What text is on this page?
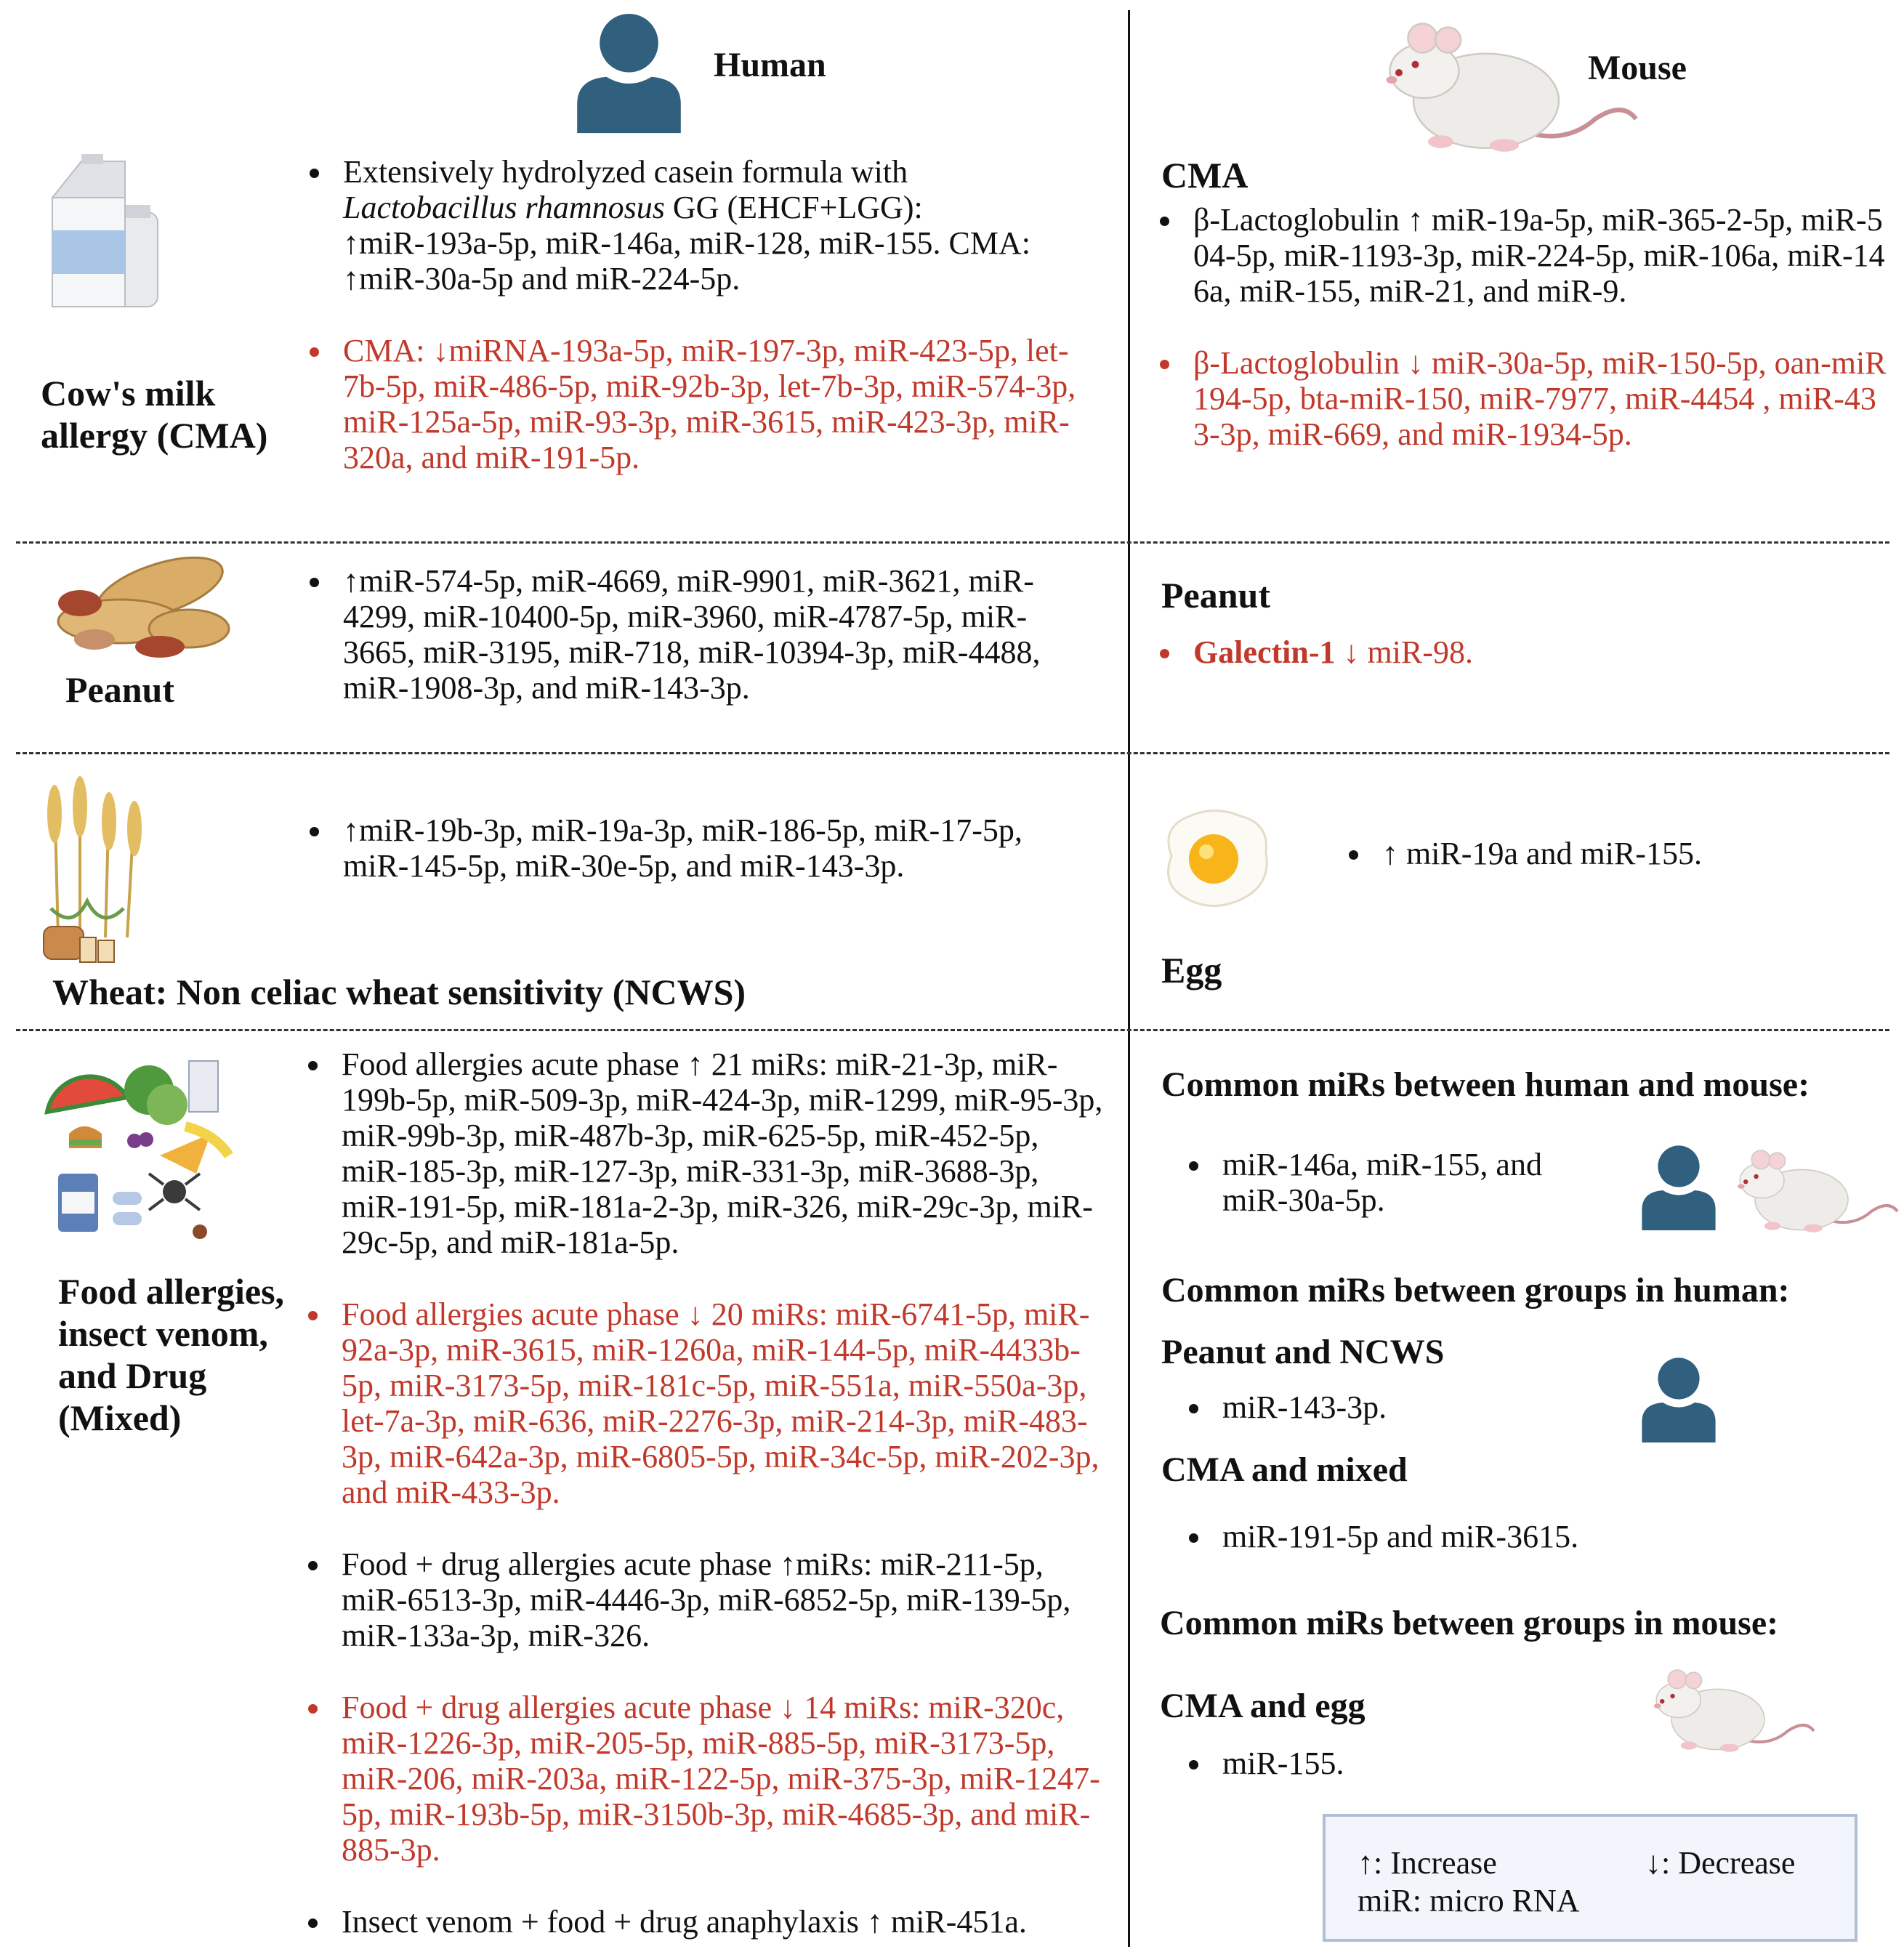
Human	Mouse
Cow's milk allergy (CMA)
Extensively hydrolyzed casein formula with
Lactobacillus rhamnosus GG (EHCF+LGG):
↑miR-193a-5p, miR-146a, miR-128, miR-155. CMA:
↑miR-30a-5p and miR-224-5p.
CMA: ↓miRNA-193a-5p, miR-197-3p, miR-423-5p, let-7b-5p, miR-486-5p, miR-92b-3p, let-7b-3p, miR-574-3p, miR-125a-5p, miR-93-3p, miR-3615, miR-423-3p, miR-320a, and miR-191-5p.
CMA
β-Lactoglobulin ↑ miR-19a-5p, miR-365-2-5p, miR-504-5p, miR-1193-3p, miR-224-5p, miR-106a, miR-146a, miR-155, miR-21, and miR-9.
β-Lactoglobulin ↓ miR-30a-5p, miR-150-5p, oan-miR 194-5p, bta-miR-150, miR-7977, miR-4454 , miR-433-3p, miR-669, and miR-1934-5p.
Peanut
↑miR-574-5p, miR-4669, miR-9901, miR-3621, miR-4299, miR-10400-5p, miR-3960, miR-4787-5p, miR-3665, miR-3195, miR-718, miR-10394-3p, miR-4488, miR-1908-3p, and miR-143-3p.
Peanut
Galectin-1 ↓ miR-98.
Wheat: Non celiac wheat sensitivity (NCWS)
↑miR-19b-3p, miR-19a-3p, miR-186-5p, miR-17-5p, miR-145-5p, miR-30e-5p, and miR-143-3p.
Egg
↑ miR-19a and miR-155.
Food allergies,
insect venom,
and Drug
(Mixed)
Food allergies acute phase ↑ 21 miRs: miR-21-3p, miR-199b-5p, miR-509-3p, miR-424-3p, miR-1299, miR-95-3p, miR-99b-3p, miR-487b-3p, miR-625-5p, miR-452-5p, miR-185-3p, miR-127-3p, miR-331-3p, miR-3688-3p, miR-191-5p, miR-181a-2-3p, miR-326, miR-29c-3p, miR-29c-5p, and miR-181a-5p.
Food allergies acute phase ↓ 20 miRs: miR-6741-5p, miR-92a-3p, miR-3615, miR-1260a, miR-144-5p, miR-4433b-5p, miR-3173-5p, miR-181c-5p, miR-551a, miR-550a-3p, let-7a-3p, miR-636, miR-2276-3p, miR-214-3p, miR-483-3p, miR-642a-3p, miR-6805-5p, miR-34c-5p, miR-202-3p, and miR-433-3p.
Food + drug allergies acute phase ↑miRs: miR-211-5p, miR-6513-3p, miR-4446-3p, miR-6852-5p, miR-139-5p, miR-133a-3p, miR-326.
Food + drug allergies acute phase ↓ 14 miRs: miR-320c, miR-1226-3p, miR-205-5p, miR-885-5p, miR-3173-5p, miR-206, miR-203a, miR-122-5p, miR-375-3p, miR-1247-5p, miR-193b-5p, miR-3150b-3p, miR-4685-3p, and miR-885-3p.
Insect venom + food + drug anaphylaxis ↑ miR-451a.
Common miRs between human and mouse:
miR-146a, miR-155, and miR-30a-5p.
Common miRs between groups in human:
Peanut and NCWS
miR-143-3p.
CMA and mixed
miR-191-5p and miR-3615.
Common miRs between groups in mouse:
CMA and egg
miR-155.
↑: Increase	↓: Decrease
miR: micro RNA
